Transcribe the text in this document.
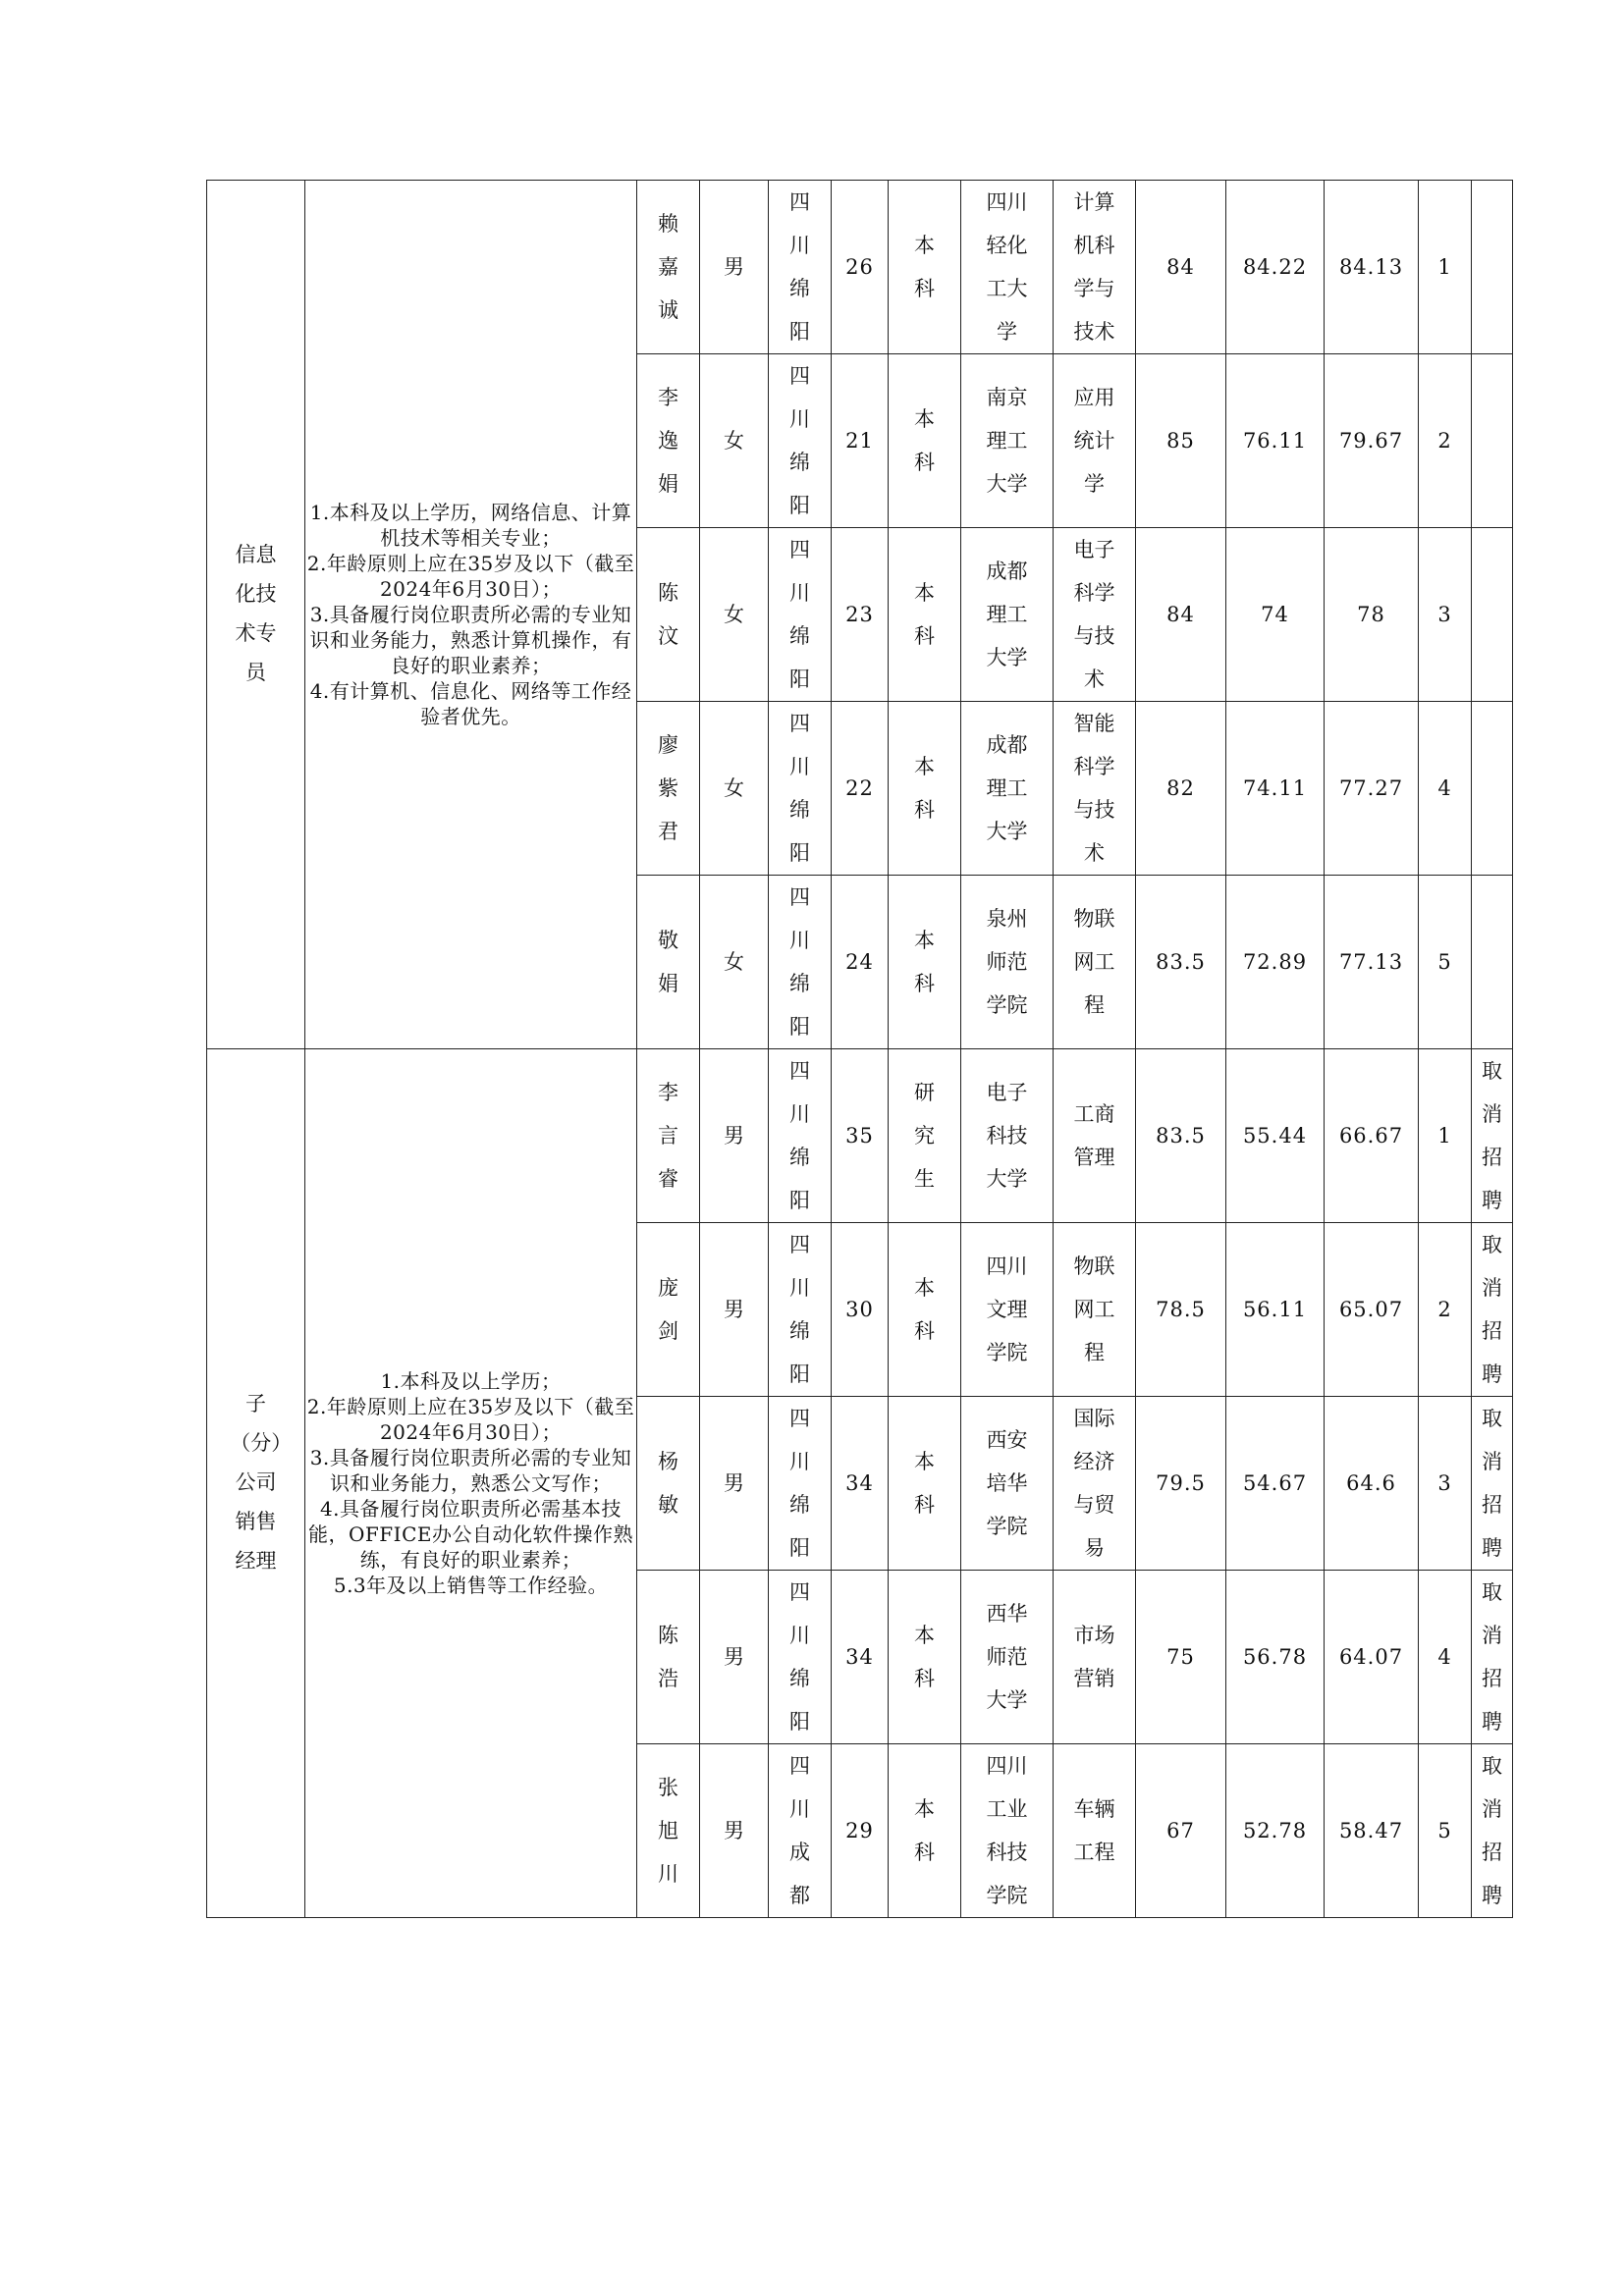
信息化技术专员	1.本科及以上学历，网络信息、计算机技术等相关专业；
2.年龄原则上应在35岁及以下（截至2024年6月30日）；
3.具备履行岗位职责所必需的专业知识和业务能力，熟悉计算机操作，有良好的职业素养；
4.有计算机、信息化、网络等工作经验者优先。	赖嘉诚	男	四川绵阳	26	本科	四川轻化工大学	计算机科学与技术	84	84.22	84.13	1	
		李逸娟	女	四川绵阳	21	本科	南京理工大学	应用统计学	85	76.11	79.67	2	
		陈汶	女	四川绵阳	23	本科	成都理工大学	电子科学与技术	84	74	78	3	
		廖紫君	女	四川绵阳	22	本科	成都理工大学	智能科学与技术	82	74.11	77.27	4	
		敬娟	女	四川绵阳	24	本科	泉州师范学院	物联网工程	83.5	72.89	77.13	5	
子（分）公司销售经理	1.本科及以上学历；
2.年龄原则上应在35岁及以下（截至2024年6月30日）；
3.具备履行岗位职责所必需的专业知识和业务能力，熟悉公文写作；
4.具备履行岗位职责所必需基本技能，OFFICE办公自动化软件操作熟练，有良好的职业素养；
5.3年及以上销售等工作经验。	李言睿	男	四川绵阳	35	研究生	电子科技大学	工商管理	83.5	55.44	66.67	1	取消招聘
		庞剑	男	四川绵阳	30	本科	四川文理学院	物联网工程	78.5	56.11	65.07	2	取消招聘
		杨敏	男	四川绵阳	34	本科	西安培华学院	国际经济与贸易	79.5	54.67	64.6	3	取消招聘
		陈浩	男	四川绵阳	34	本科	西华师范大学	市场营销	75	56.78	64.07	4	取消招聘
		张旭川	男	四川成都	29	本科	四川工业科技学院	车辆工程	67	52.78	58.47	5	取消招聘
